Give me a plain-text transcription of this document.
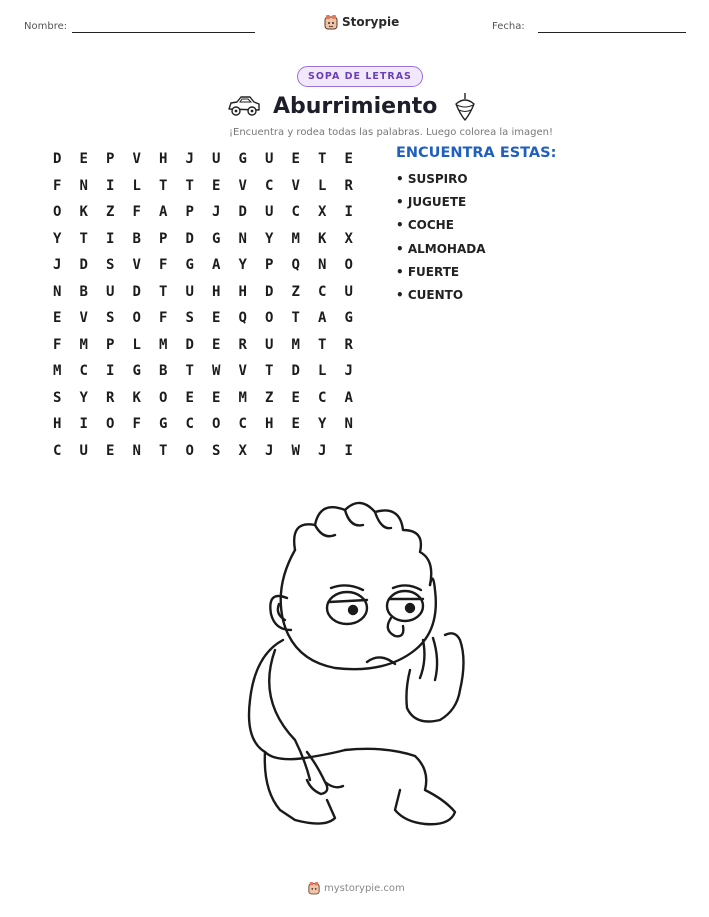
Nombre:	Storypie	Fecha:
SOPA DE LETRAS
Aburrimiento
¡Encuentra y rodea todas las palabras. Luego colorea la imagen!
D	E	P	V	H	J	U	G	U	E	T	E
F	N	I	L	T	T	E	V	C	V	L	R
O	K	Z	F	A	P	J	D	U	C	X	I
Y	T	I	B	P	D	G	N	Y	M	K	X
J	D	S	V	F	G	A	Y	P	Q	N	O
N	B	U	D	T	U	H	H	D	Z	C	U
E	V	S	O	F	S	E	Q	O	T	A	G
F	M	P	L	M	D	E	R	U	M	T	R
M	C	I	G	B	T	W	V	T	D	L	J
S	Y	R	K	O	E	E	M	Z	E	C	A
H	I	O	F	G	C	O	C	H	E	Y	N
C	U	E	N	T	O	S	X	J	W	J	I
ENCUENTRA ESTAS:
• SUSPIRO
• JUGUETE
• COCHE
• ALMOHADA
• FUERTE
• CUENTO
mystorypie.com
